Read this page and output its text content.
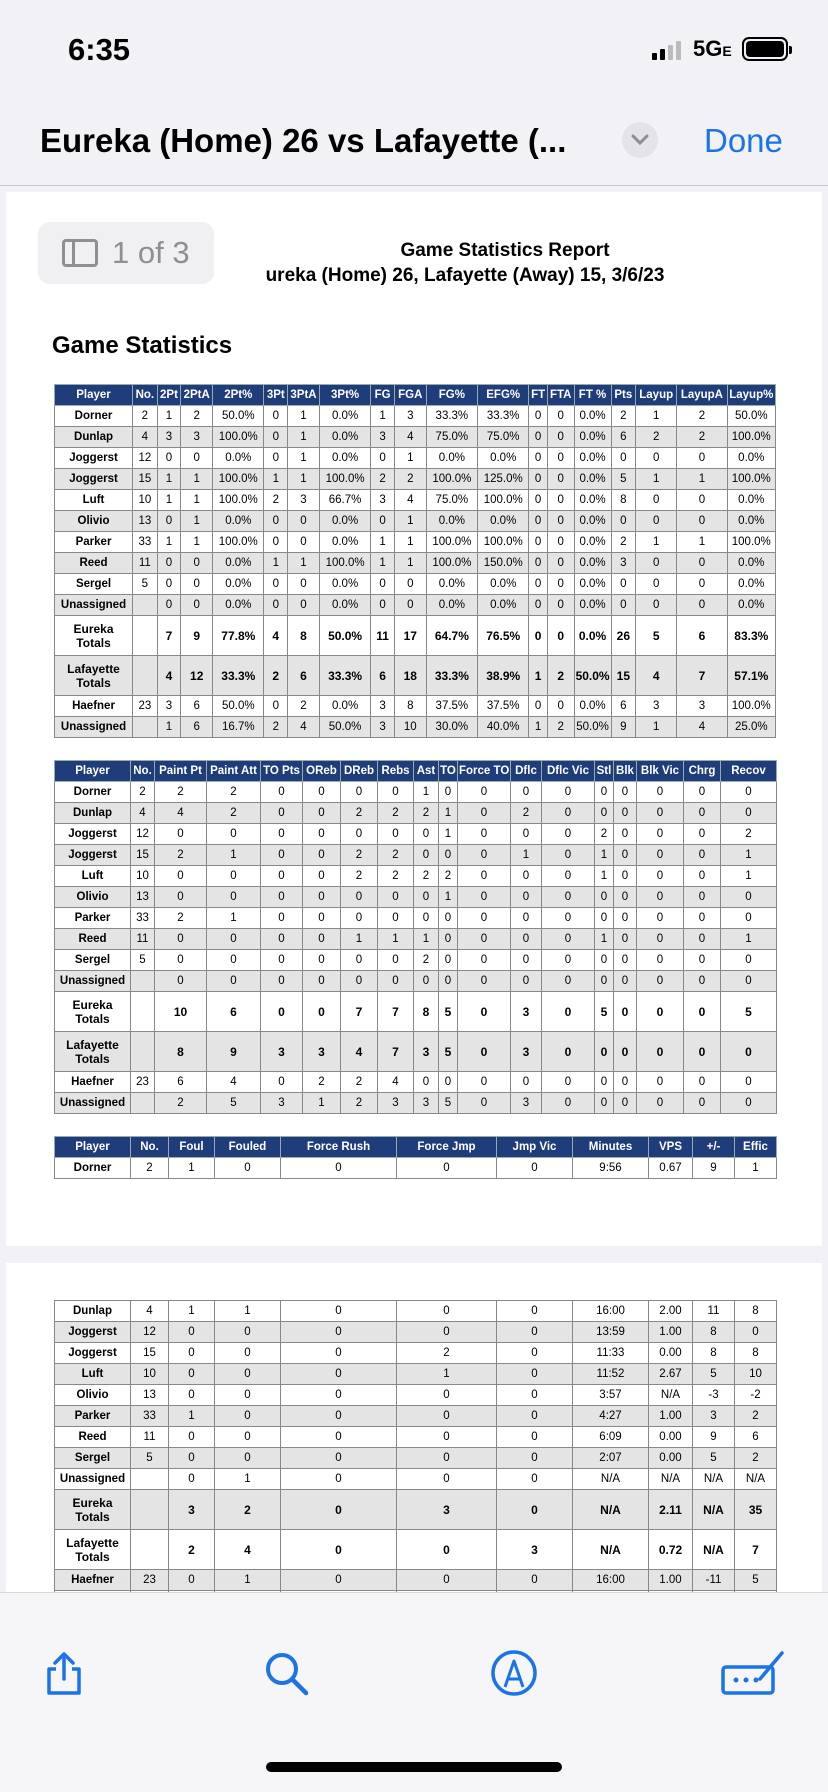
6:35	5GE
Eureka (Home) 26 vs Lafayette (...	Done
1 of 3	Game Statistics Report
ureka (Home) 26, Lafayette (Away) 15, 3/6/23
Game Statistics
Player	No.	2Pt	2PtA	2Pt%	3Pt	3PtA	3Pt%	FG	FGA	FG%	EFG%	FT	FTA	FT %	Pts	Layup	LayupA	Layup%
Dorner	2	1	2	50.0%	0	1	0.0%	1	3	33.3%	33.3%	0	0	0.0%	2	1	2	50.0%
Dunlap	4	3	3	100.0%	0	1	0.0%	3	4	75.0%	75.0%	0	0	0.0%	6	2	2	100.0%
Joggerst	12	0	0	0.0%	0	1	0.0%	0	1	0.0%	0.0%	0	0	0.0%	0	0	0	0.0%
Joggerst	15	1	1	100.0%	1	1	100.0%	2	2	100.0%	125.0%	0	0	0.0%	5	1	1	100.0%
Luft	10	1	1	100.0%	2	3	66.7%	3	4	75.0%	100.0%	0	0	0.0%	8	0	0	0.0%
Olivio	13	0	1	0.0%	0	0	0.0%	0	1	0.0%	0.0%	0	0	0.0%	0	0	0	0.0%
Parker	33	1	1	100.0%	0	0	0.0%	1	1	100.0%	100.0%	0	0	0.0%	2	1	1	100.0%
Reed	11	0	0	0.0%	1	1	100.0%	1	1	100.0%	150.0%	0	0	0.0%	3	0	0	0.0%
Sergel	5	0	0	0.0%	0	0	0.0%	0	0	0.0%	0.0%	0	0	0.0%	0	0	0	0.0%
Unassigned		0	0	0.0%	0	0	0.0%	0	0	0.0%	0.0%	0	0	0.0%	0	0	0	0.0%
Eureka Totals		7	9	77.8%	4	8	50.0%	11	17	64.7%	76.5%	0	0	0.0%	26	5	6	83.3%
Lafayette Totals		4	12	33.3%	2	6	33.3%	6	18	33.3%	38.9%	1	2	50.0%	15	4	7	57.1%
Haefner	23	3	6	50.0%	0	2	0.0%	3	8	37.5%	37.5%	0	0	0.0%	6	3	3	100.0%
Unassigned		1	6	16.7%	2	4	50.0%	3	10	30.0%	40.0%	1	2	50.0%	9	1	4	25.0%
Player	No.	Paint Pt	Paint Att	TO Pts	OReb	DReb	Rebs	Ast	TO	Force TO	Dflc	Dflc Vic	Stl	Blk	Blk Vic	Chrg	Recov
Dorner	2	2	2	0	0	0	0	1	0	0	0	0	0	0	0	0	0
Dunlap	4	4	2	0	0	2	2	2	1	0	2	0	0	0	0	0	0
Joggerst	12	0	0	0	0	0	0	0	1	0	0	0	2	0	0	0	2
Joggerst	15	2	1	0	0	2	2	0	0	0	1	0	1	0	0	0	1
Luft	10	0	0	0	0	2	2	2	2	0	0	0	1	0	0	0	1
Olivio	13	0	0	0	0	0	0	0	1	0	0	0	0	0	0	0	0
Parker	33	2	1	0	0	0	0	0	0	0	0	0	0	0	0	0	0
Reed	11	0	0	0	0	1	1	1	0	0	0	0	1	0	0	0	1
Sergel	5	0	0	0	0	0	0	2	0	0	0	0	0	0	0	0	0
Unassigned		0	0	0	0	0	0	0	0	0	0	0	0	0	0	0	0
Eureka Totals		10	6	0	0	7	7	8	5	0	3	0	5	0	0	0	5
Lafayette Totals		8	9	3	3	4	7	3	5	0	3	0	0	0	0	0	0
Haefner	23	6	4	0	2	2	4	0	0	0	0	0	0	0	0	0	0
Unassigned		2	5	3	1	2	3	3	5	0	3	0	0	0	0	0	0
Player	No.	Foul	Fouled	Force Rush	Force Jmp	Jmp Vic	Minutes	VPS	+/-	Effic
Dorner	2	1	0	0	0	0	9:56	0.67	9	1
Dunlap	4	1	1	0	0	0	16:00	2.00	11	8
Joggerst	12	0	0	0	0	0	13:59	1.00	8	0
Joggerst	15	0	0	0	2	0	11:33	0.00	8	8
Luft	10	0	0	0	1	0	11:52	2.67	5	10
Olivio	13	0	0	0	0	0	3:57	N/A	-3	-2
Parker	33	1	0	0	0	0	4:27	1.00	3	2
Reed	11	0	0	0	0	0	6:09	0.00	9	6
Sergel	5	0	0	0	0	0	2:07	0.00	5	2
Unassigned		0	1	0	0	0	N/A	N/A	N/A	N/A
Eureka Totals		3	2	0	3	0	N/A	2.11	N/A	35
Lafayette Totals		2	4	0	0	3	N/A	0.72	N/A	7
Haefner	23	0	1	0	0	0	16:00	1.00	-11	5
